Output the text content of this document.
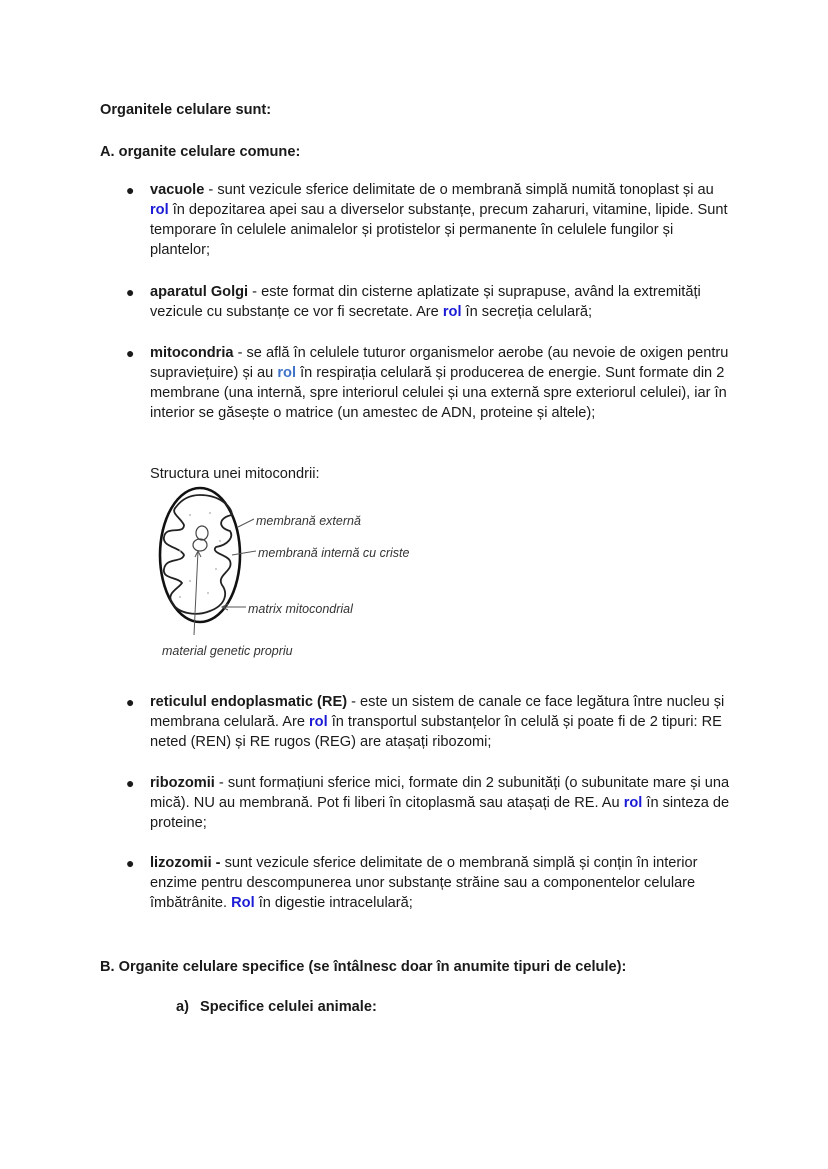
Organitele celulare sunt:
A. organite celulare comune:
● vacuole - sunt vezicule sferice delimitate de o membrană simplă numită tonoplast și au rol în depozitarea apei sau a diverselor substanțe, precum zaharuri, vitamine, lipide. Sunt temporare în celulele animalelor și protistelor și permanente în celulele fungilor și plantelor;
● aparatul Golgi - este format din cisterne aplatizate și suprapuse, având la extremități vezicule cu substanțe ce vor fi secretate. Are rol în secreția celulară;
● mitocondria - se află în celulele tuturor organismelor aerobe (au nevoie de oxigen pentru supraviețuire) și au rol în respirația celulară și producerea de energie. Sunt formate din 2 membrane (una internă, spre interiorul celulei și una externă spre exteriorul celulei), iar în interior se găsește o matrice (un amestec de ADN, proteine și altele);
Structura unei mitocondrii:
membrană externă
membrană internă cu criste
matrix mitocondrial
material genetic propriu
● reticulul endoplasmatic (RE) - este un sistem de canale ce face legătura între nucleu și membrana celulară. Are rol în transportul substanțelor în celulă și poate fi de 2 tipuri: RE neted (REN) și RE rugos (REG) are atașați ribozomi;
● ribozomii - sunt formațiuni sferice mici, formate din 2 subunități (o subunitate mare și una mică). NU au membrană. Pot fi liberi în citoplasmă sau atașați de RE. Au rol în sinteza de proteine;
● lizozomii - sunt vezicule sferice delimitate de o membrană simplă și conțin în interior enzime pentru descompunerea unor substanțe străine sau a componentelor celulare îmbătrânite. Rol în digestie intracelulară;
B. Organite celulare specifice (se întâlnesc doar în anumite tipuri de celule):
a) Specifice celulei animale:
